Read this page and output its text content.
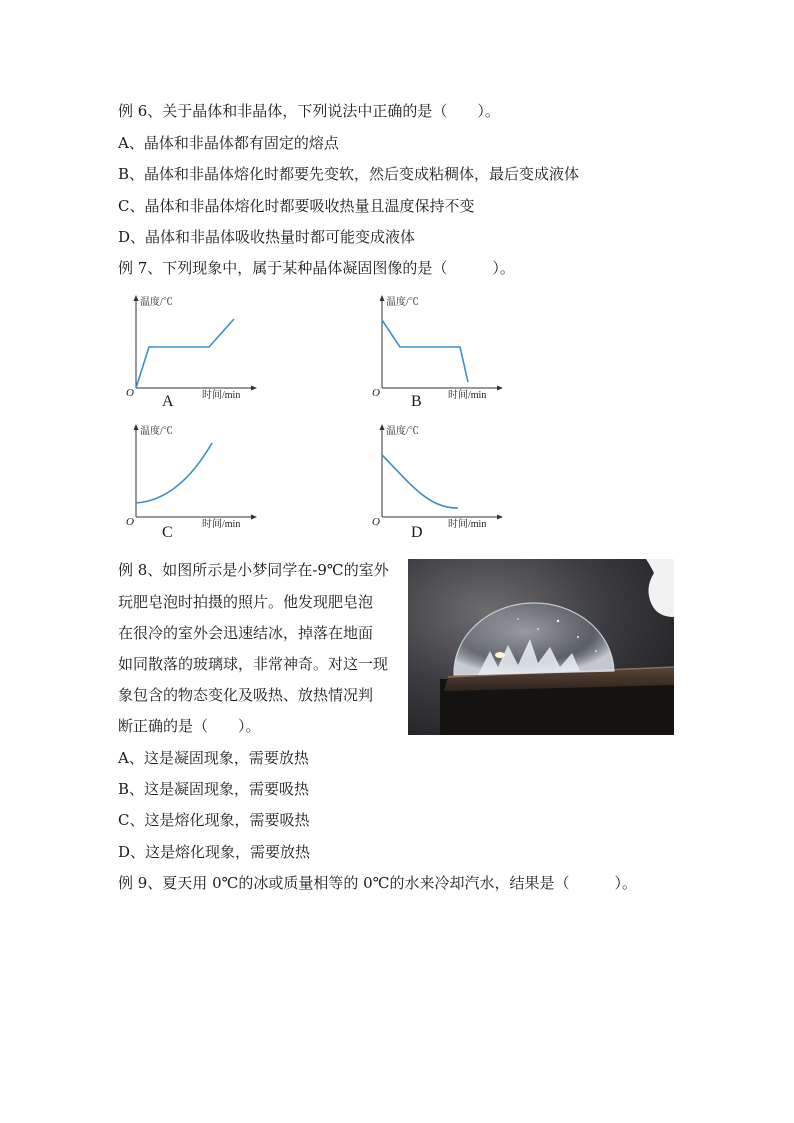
例 6、关于晶体和非晶体，下列说法中正确的是（　　）。
A、晶体和非晶体都有固定的熔点
B、晶体和非晶体熔化时都要先变软，然后变成粘稠体，最后变成液体
C、晶体和非晶体熔化时都要吸收热量且温度保持不变
D、晶体和非晶体吸收热量时都可能变成液体
例 7、下列现象中，属于某种晶体凝固图像的是（　　　）。
温度/℃
时间/min
O A
温度/℃
时间/min
O B
温度/℃
时间/min
O
C
温度/℃
时间/min
O
D
例 8、如图所示是小梦同学在-9℃的室外
玩肥皂泡时拍摄的照片。他发现肥皂泡
在很冷的室外会迅速结冰，掉落在地面
如同散落的玻璃球，非常神奇。对这一现
象包含的物态变化及吸热、放热情况判
断正确的是（　　）。
A、这是凝固现象，需要放热
B、这是凝固现象，需要吸热
C、这是熔化现象，需要吸热
D、这是熔化现象，需要放热
例 9、夏天用 0℃的冰或质量相等的 0℃的水来冷却汽水，结果是（　　　）。
